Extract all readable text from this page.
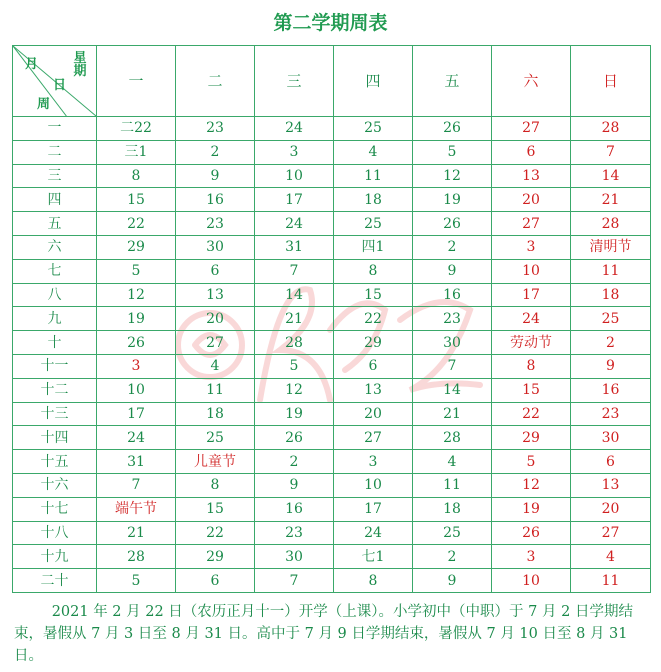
第二学期周表
星期
月
日
周	一	二	三	四	五	六	日
一	二22	23	24	25	26	27	28
二	三1	2	3	4	5	6	7
三	8	9	10	11	12	13	14
四	15	16	17	18	19	20	21
五	22	23	24	25	26	27	28
六	29	30	31	四1	2	3	清明节
七	5	6	7	8	9	10	11
八	12	13	14	15	16	17	18
九	19	20	21	22	23	24	25
十	26	27	28	29	30	劳动节	2
十一	3	4	5	6	7	8	9
十二	10	11	12	13	14	15	16
十三	17	18	19	20	21	22	23
十四	24	25	26	27	28	29	30
十五	31	儿童节	2	3	4	5	6
十六	7	8	9	10	11	12	13
十七	端午节	15	16	17	18	19	20
十八	21	22	23	24	25	26	27
十九	28	29	30	七1	2	3	4
二十	5	6	7	8	9	10	11
2021 年 2 月 22 日（农历正月十一）开学（上课）。小学初中（中职）于 7 月 2 日学期结束，暑假从 7 月 3 日至 8 月 31 日。高中于 7 月 9 日学期结束，暑假从 7 月 10 日至 8 月 31 日。
